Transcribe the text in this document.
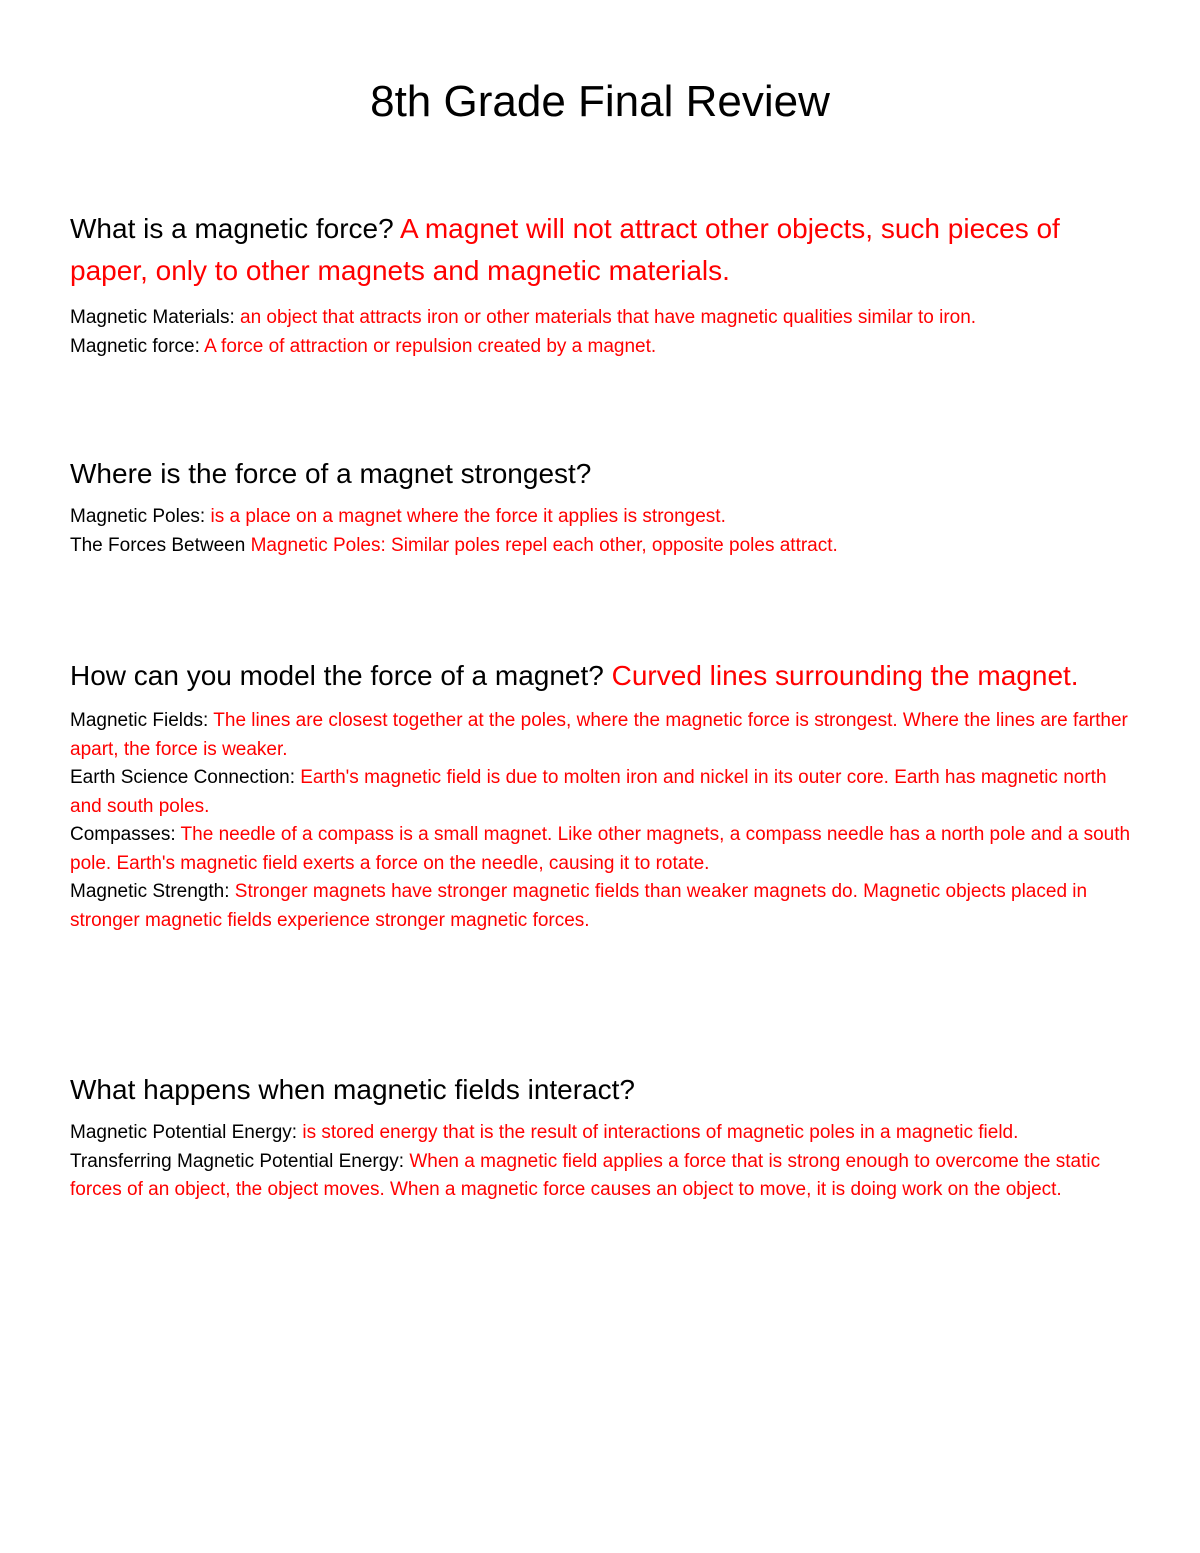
8th Grade Final Review

What is a magnetic force? A magnet will not attract other objects, such pieces of paper, only to other magnets and magnetic materials.

Magnetic Materials: an object that attracts iron or other materials that have magnetic qualities similar to iron.

Magnetic force: A force of attraction or repulsion created by a magnet.

Where is the force of a magnet strongest?

Magnetic Poles: is a place on a magnet where the force it applies is strongest.

The Forces Between Magnetic Poles: Similar poles repel each other, opposite poles attract.

How can you model the force of a magnet? Curved lines surrounding the magnet.

Magnetic Fields: The lines are closest together at the poles, where the magnetic force is strongest. Where the lines are farther apart, the force is weaker.

Earth Science Connection: Earth's magnetic field is due to molten iron and nickel in its outer core. Earth has magnetic north and south poles.

Compasses: The needle of a compass is a small magnet. Like other magnets, a compass needle has a north pole and a south pole. Earth's magnetic field exerts a force on the needle, causing it to rotate.

Magnetic Strength: Stronger magnets have stronger magnetic fields than weaker magnets do. Magnetic objects placed in stronger magnetic fields experience stronger magnetic forces.

What happens when magnetic fields interact?

Magnetic Potential Energy: is stored energy that is the result of interactions of magnetic poles in a magnetic field.

Transferring Magnetic Potential Energy: When a magnetic field applies a force that is strong enough to overcome the static forces of an object, the object moves. When a magnetic force causes an object to move, it is doing work on the object.
